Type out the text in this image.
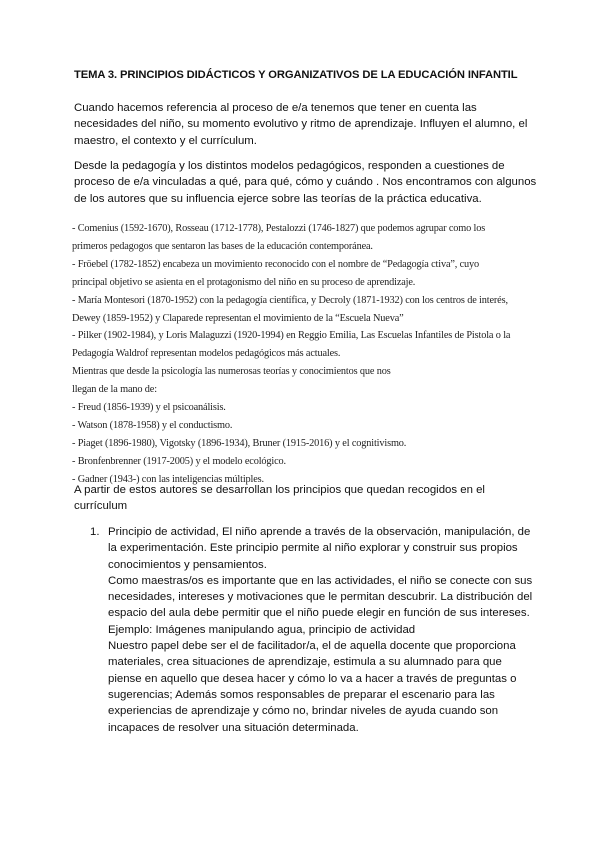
TEMA 3. PRINCIPIOS DIDÁCTICOS Y ORGANIZATIVOS DE LA EDUCACIÓN INFANTIL
Cuando hacemos referencia al proceso de e/a tenemos que tener en cuenta las
necesidades del niño, su momento evolutivo y ritmo de aprendizaje. Influyen el alumno, el
maestro, el contexto y el currículum.
Desde la pedagogía y los distintos modelos pedagógicos, responden a cuestiones de
proceso de e/a vinculadas a qué, para qué, cómo y cuándo . Nos encontramos con algunos
de los autores que su influencia ejerce sobre las teorías de la práctica educativa.
- Comenius (1592-1670), Rosseau (1712-1778), Pestalozzi (1746-1827) que podemos agrupar como los
primeros pedagogos que sentaron las bases de la educación contemporánea.
- Fröebel (1782-1852) encabeza un movimiento reconocido con el nombre de “Pedagogía ctiva”, cuyo
principal objetivo se asienta en el protagonismo del niño en su proceso de aprendizaje.
- María Montesori (1870-1952) con la pedagogía científica, y Decroly (1871-1932) con los centros de interés,
Dewey (1859-1952) y Claparede representan el movimiento de la “Escuela Nueva”
- Pilker (1902-1984), y Loris Malaguzzi (1920-1994) en Reggio Emilia, Las Escuelas Infantiles de Pistola o la
Pedagogía Waldrof representan modelos pedagógicos más actuales.
Mientras que desde la psicología las numerosas teorías y conocimientos que nos
llegan de la mano de:
- Freud (1856-1939) y el psicoanálisis.
- Watson (1878-1958) y el conductismo.
- Piaget (1896-1980), Vigotsky (1896-1934), Bruner (1915-2016) y el cognitivismo.
- Bronfenbrenner (1917-2005) y el modelo ecológico.
- Gadner (1943-) con las inteligencias múltiples.
A partir de estos autores se desarrollan los principios que quedan recogidos en el
currículum
1. Principio de actividad, El niño aprende a través de la observación, manipulación, de
la experimentación. Este principio permite al niño explorar y construir sus propios
conocimientos y pensamientos.
Como maestras/os es importante que en las actividades, el niño se conecte con sus
necesidades, intereses y motivaciones que le permitan descubrir. La distribución del
espacio del aula debe permitir que el niño puede elegir en función de sus intereses.
Ejemplo: Imágenes manipulando agua, principio de actividad
Nuestro papel debe ser el de facilitador/a, el de aquella docente que proporciona
materiales, crea situaciones de aprendizaje, estimula a su alumnado para que
piense en aquello que desea hacer y cómo lo va a hacer a través de preguntas o
sugerencias; Además somos responsables de preparar el escenario para las
experiencias de aprendizaje y cómo no, brindar niveles de ayuda cuando son
incapaces de resolver una situación determinada.
